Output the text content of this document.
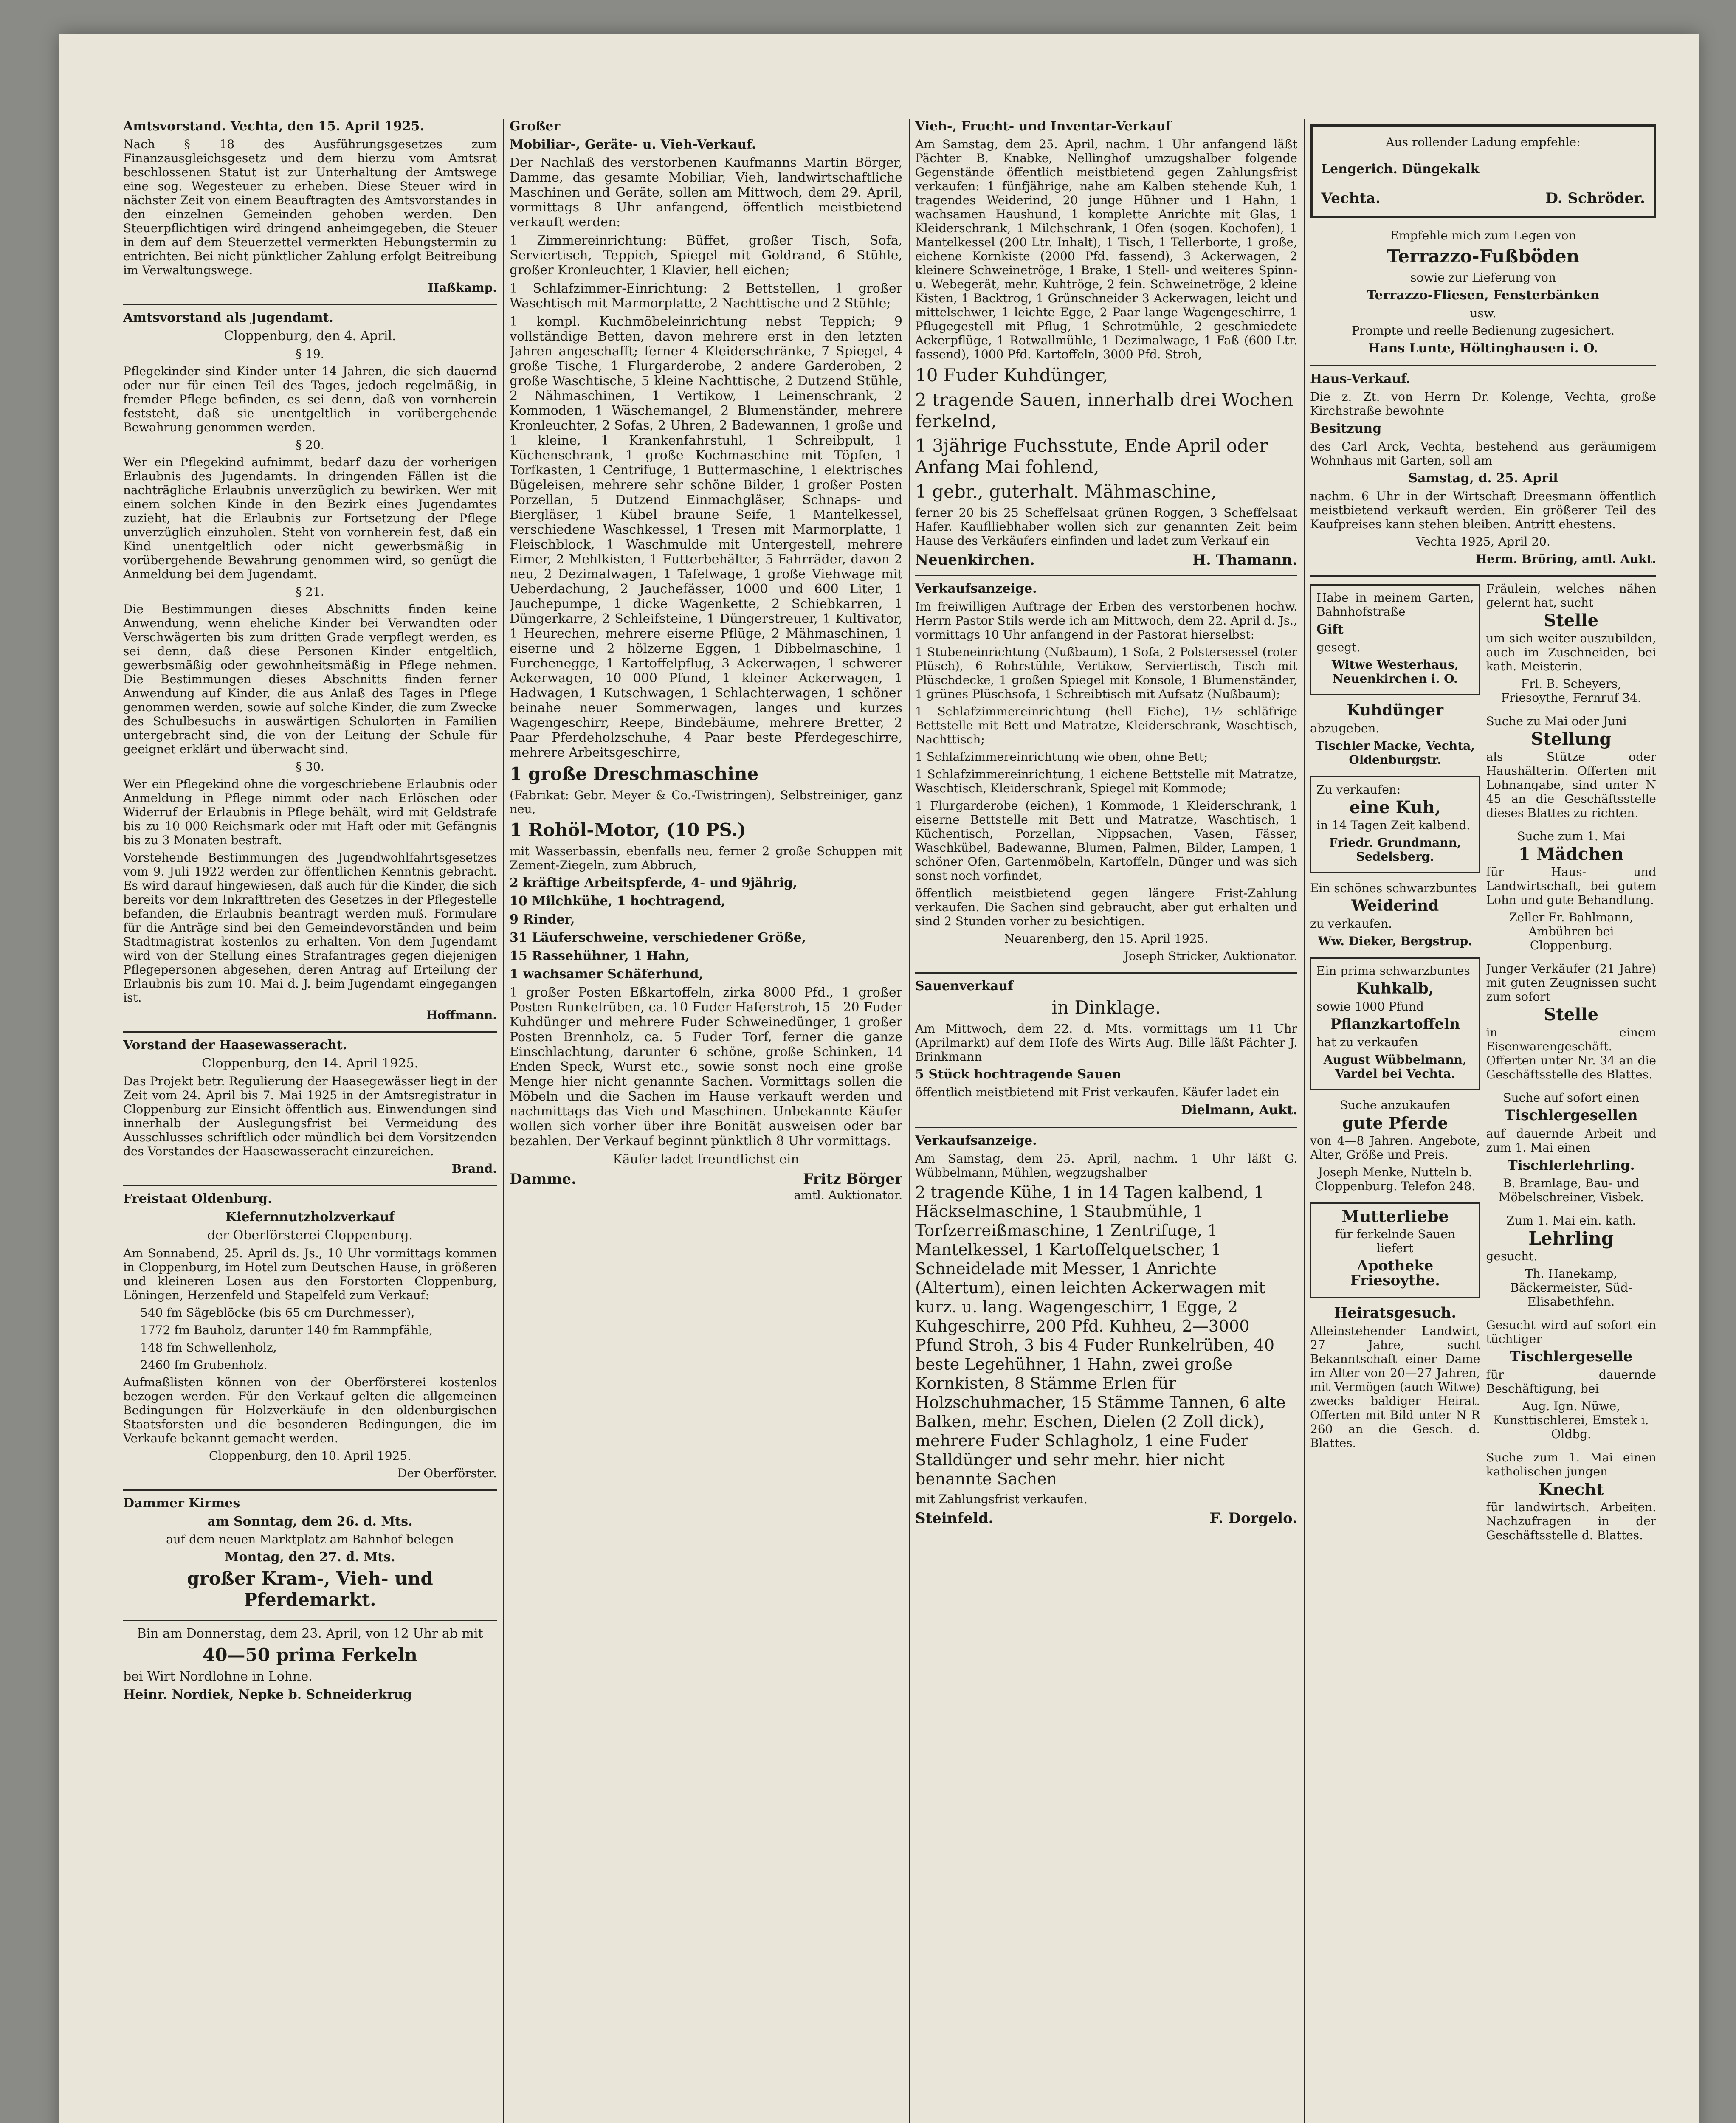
Amtsvorstand. Vechta, den 15. April 1925.

Nach § 18 des Ausführungsgesetzes zum Finanzausgleichsgesetz und dem hierzu vom Amtsrat beschlossenen Statut ist zur Unterhaltung der Amtswege eine sog. Wegesteuer zu erheben. Diese Steuer wird in nächster Zeit von einem Beauftragten des Amtsvorstandes in den einzelnen Gemeinden gehoben werden. Den Steuerpflichtigen wird dringend anheimgegeben, die Steuer in dem auf dem Steuerzettel vermerkten Hebungstermin zu entrichten. Bei nicht pünktlicher Zahlung erfolgt Beitreibung im Verwaltungswege.

Haßkamp.

Amtsvorstand als Jugendamt.

Cloppenburg, den 4. April.

§ 19.

Pflegekinder sind Kinder unter 14 Jahren, die sich dauernd oder nur für einen Teil des Tages, jedoch regelmäßig, in fremder Pflege befinden, es sei denn, daß von vornherein feststeht, daß sie unentgeltlich in vorübergehende Bewahrung genommen werden.

§ 20.

Wer ein Pflegekind aufnimmt, bedarf dazu der vorherigen Erlaubnis des Jugendamts. In dringenden Fällen ist die nachträgliche Erlaubnis unverzüglich zu bewirken. Wer mit einem solchen Kinde in den Bezirk eines Jugendamtes zuzieht, hat die Erlaubnis zur Fortsetzung der Pflege unverzüglich einzuholen. Steht von vornherein fest, daß ein Kind unentgeltlich oder nicht gewerbsmäßig in vorübergehende Bewahrung genommen wird, so genügt die Anmeldung bei dem Jugendamt.

§ 21.

Die Bestimmungen dieses Abschnitts finden keine Anwendung, wenn eheliche Kinder bei Verwandten oder Verschwägerten bis zum dritten Grade verpflegt werden, es sei denn, daß diese Personen Kinder entgeltlich, gewerbsmäßig oder gewohnheitsmäßig in Pflege nehmen. Die Bestimmungen dieses Abschnitts finden ferner Anwendung auf Kinder, die aus Anlaß des Tages in Pflege genommen werden, sowie auf solche Kinder, die zum Zwecke des Schulbesuchs in auswärtigen Schulorten in Familien untergebracht sind, die von der Leitung der Schule für geeignet erklärt und überwacht sind.

§ 30.

Wer ein Pflegekind ohne die vorgeschriebene Erlaubnis oder Anmeldung in Pflege nimmt oder nach Erlöschen oder Widerruf der Erlaubnis in Pflege behält, wird mit Geldstrafe bis zu 10 000 Reichsmark oder mit Haft oder mit Gefängnis bis zu 3 Monaten bestraft.

Vorstehende Bestimmungen des Jugendwohlfahrtsgesetzes vom 9. Juli 1922 werden zur öffentlichen Kenntnis gebracht. Es wird darauf hingewiesen, daß auch für die Kinder, die sich bereits vor dem Inkrafttreten des Gesetzes in der Pflegestelle befanden, die Erlaubnis beantragt werden muß. Formulare für die Anträge sind bei den Gemeindevorständen und beim Stadtmagistrat kostenlos zu erhalten. Von dem Jugendamt wird von der Stellung eines Strafantrages gegen diejenigen Pflegepersonen abgesehen, deren Antrag auf Erteilung der Erlaubnis bis zum 10. Mai d. J. beim Jugendamt eingegangen ist.

Hoffmann.

Vorstand der Haasewasseracht.

Cloppenburg, den 14. April 1925.

Das Projekt betr. Regulierung der Haasegewässer liegt in der Zeit vom 24. April bis 7. Mai 1925 in der Amtsregistratur in Cloppenburg zur Einsicht öffentlich aus. Einwendungen sind innerhalb der Auslegungsfrist bei Vermeidung des Ausschlusses schriftlich oder mündlich bei dem Vorsitzenden des Vorstandes der Haasewasseracht einzureichen.

Brand.

Freistaat Oldenburg.

Kiefernnutzholzverkauf

der Oberförsterei Cloppenburg.

Am Sonnabend, 25. April ds. Js., 10 Uhr vormittags kommen in Cloppenburg, im Hotel zum Deutschen Hause, in größeren und kleineren Losen aus den Forstorten Cloppenburg, Löningen, Herzenfeld und Stapelfeld zum Verkauf:

540 fm Sägeblöcke (bis 65 cm Durchmesser),

1772 fm Bauholz, darunter 140 fm Rammpfähle,

148 fm Schwellenholz,

2460 fm Grubenholz.

Aufmaßlisten können von der Oberförsterei kostenlos bezogen werden. Für den Verkauf gelten die allgemeinen Bedingungen für Holzverkäufe in den oldenburgischen Staatsforsten und die besonderen Bedingungen, die im Verkaufe bekannt gemacht werden.

Cloppenburg, den 10. April 1925.

Der Oberförster.

Dammer Kirmes

am Sonntag, dem 26. d. Mts.

auf dem neuen Marktplatz am Bahnhof belegen

Montag, den 27. d. Mts.

großer Kram-, Vieh- und Pferdemarkt.

Bin am Donnerstag, dem 23. April, von 12 Uhr ab mit

40—50 prima Ferkeln

bei Wirt Nordlohne in Lohne.

Heinr. Nordiek, Nepke b. Schneiderkrug

Großer

Mobiliar-, Geräte- u. Vieh-Verkauf.

Der Nachlaß des verstorbenen Kaufmanns Martin Börger, Damme, das gesamte Mobiliar, Vieh, landwirtschaftliche Maschinen und Geräte, sollen am Mittwoch, dem 29. April, vormittags 8 Uhr anfangend, öffentlich meistbietend verkauft werden:

1 Zimmereinrichtung: Büffet, großer Tisch, Sofa, Serviertisch, Teppich, Spiegel mit Goldrand, 6 Stühle, großer Kronleuchter, 1 Klavier, hell eichen;

1 Schlafzimmer-Einrichtung: 2 Bettstellen, 1 großer Waschtisch mit Marmorplatte, 2 Nachttische und 2 Stühle;

1 kompl. Kuchmöbeleinrichtung nebst Teppich; 9 vollständige Betten, davon mehrere erst in den letzten Jahren angeschafft; ferner 4 Kleiderschränke, 7 Spiegel, 4 große Tische, 1 Flurgarderobe, 2 andere Garderoben, 2 große Waschtische, 5 kleine Nachttische, 2 Dutzend Stühle, 2 Nähmaschinen, 1 Vertikow, 1 Leinenschrank, 2 Kommoden, 1 Wäschemangel, 2 Blumenständer, mehrere Kronleuchter, 2 Sofas, 2 Uhren, 2 Badewannen, 1 große und 1 kleine, 1 Krankenfahrstuhl, 1 Schreibpult, 1 Küchenschrank, 1 große Kochmaschine mit Töpfen, 1 Torfkasten, 1 Centrifuge, 1 Buttermaschine, 1 elektrisches Bügeleisen, mehrere sehr schöne Bilder, 1 großer Posten Porzellan, 5 Dutzend Einmachgläser, Schnaps- und Biergläser, 1 Kübel braune Seife, 1 Mantelkessel, verschiedene Waschkessel, 1 Tresen mit Marmorplatte, 1 Fleischblock, 1 Waschmulde mit Untergestell, mehrere Eimer, 2 Mehlkisten, 1 Futterbehälter, 5 Fahrräder, davon 2 neu, 2 Dezimalwagen, 1 Tafelwage, 1 große Viehwage mit Ueberdachung, 2 Jauchefässer, 1000 und 600 Liter, 1 Jauchepumpe, 1 dicke Wagenkette, 2 Schiebkarren, 1 Düngerkarre, 2 Schleifsteine, 1 Düngerstreuer, 1 Kultivator, 1 Heurechen, mehrere eiserne Pflüge, 2 Mähmaschinen, 1 eiserne und 2 hölzerne Eggen, 1 Dibbelmaschine, 1 Furchenegge, 1 Kartoffelpflug, 3 Ackerwagen, 1 schwerer Ackerwagen, 10 000 Pfund, 1 kleiner Ackerwagen, 1 Hadwagen, 1 Kutschwagen, 1 Schlachterwagen, 1 schöner beinahe neuer Sommerwagen, langes und kurzes Wagengeschirr, Reepe, Bindebäume, mehrere Bretter, 2 Paar Pferdeholzschuhe, 4 Paar beste Pferdegeschirre, mehrere Arbeitsgeschirre,

1 große Dreschmaschine

(Fabrikat: Gebr. Meyer & Co.-Twistringen), Selbstreiniger, ganz neu,

1 Rohöl-Motor, (10 PS.)

mit Wasserbassin, ebenfalls neu, ferner 2 große Schuppen mit Zement-Ziegeln, zum Abbruch,

2 kräftige Arbeitspferde, 4- und 9jährig,

10 Milchkühe, 1 hochtragend,

9 Rinder,

31 Läuferschweine, verschiedener Größe,

15 Rassehühner, 1 Hahn,

1 wachsamer Schäferhund,

1 großer Posten Eßkartoffeln, zirka 8000 Pfd., 1 großer Posten Runkelrüben, ca. 10 Fuder Haferstroh, 15—20 Fuder Kuhdünger und mehrere Fuder Schweinedünger, 1 großer Posten Brennholz, ca. 5 Fuder Torf, ferner die ganze Einschlachtung, darunter 6 schöne, große Schinken, 14 Enden Speck, Wurst etc., sowie sonst noch eine große Menge hier nicht genannte Sachen. Vormittags sollen die Möbeln und die Sachen im Hause verkauft werden und nachmittags das Vieh und Maschinen. Unbekannte Käufer wollen sich vorher über ihre Bonität ausweisen oder bar bezahlen. Der Verkauf beginnt pünktlich 8 Uhr vormittags.

Käufer ladet freundlichst ein

Damme.	Fritz Börger

amtl. Auktionator.

Vieh-, Frucht- und Inventar-Verkauf

Am Samstag, dem 25. April, nachm. 1 Uhr anfangend läßt Pächter B. Knabke, Nellinghof umzugshalber folgende Gegenstände öffentlich meistbietend gegen Zahlungsfrist verkaufen: 1 fünfjährige, nahe am Kalben stehende Kuh, 1 tragendes Weiderind, 20 junge Hühner und 1 Hahn, 1 wachsamen Haushund, 1 komplette Anrichte mit Glas, 1 Kleiderschrank, 1 Milchschrank, 1 Ofen (sogen. Kochofen), 1 Mantelkessel (200 Ltr. Inhalt), 1 Tisch, 1 Tellerborte, 1 große, eichene Kornkiste (2000 Pfd. fassend), 3 Ackerwagen, 2 kleinere Schweinetröge, 1 Brake, 1 Stell- und weiteres Spinn- u. Webegerät, mehr. Kuhtröge, 2 fein. Schweinetröge, 2 kleine Kisten, 1 Backtrog, 1 Grünschneider 3 Ackerwagen, leicht und mittelschwer, 1 leichte Egge, 2 Paar lange Wagengeschirre, 1 Pflugegestell mit Pflug, 1 Schrotmühle, 2 geschmiedete Ackerpflüge, 1 Rotwallmühle, 1 Dezimalwage, 1 Faß (600 Ltr. fassend), 1000 Pfd. Kartoffeln, 3000 Pfd. Stroh,

10 Fuder Kuhdünger,

2 tragende Sauen, innerhalb drei Wochen ferkelnd,

1 3jährige Fuchsstute, Ende April oder Anfang Mai fohlend,

1 gebr., guterhalt. Mähmaschine,

ferner 20 bis 25 Scheffelsaat grünen Roggen, 3 Scheffelsaat Hafer. Kauflliebhaber wollen sich zur genannten Zeit beim Hause des Verkäufers einfinden und ladet zum Verkauf ein

Neuenkirchen.	H. Thamann.

Verkaufsanzeige.

Im freiwilligen Auftrage der Erben des verstorbenen hochw. Herrn Pastor Stils werde ich am Mittwoch, dem 22. April d. Js., vormittags 10 Uhr anfangend in der Pastorat hierselbst:

1 Stubeneinrichtung (Nußbaum), 1 Sofa, 2 Polstersessel (roter Plüsch), 6 Rohrstühle, Vertikow, Serviertisch, Tisch mit Plüschdecke, 1 großen Spiegel mit Konsole, 1 Blumenständer, 1 grünes Plüschsofa, 1 Schreibtisch mit Aufsatz (Nußbaum);

1 Schlafzimmereinrichtung (hell Eiche), 1½ schläfrige Bettstelle mit Bett und Matratze, Kleiderschrank, Waschtisch, Nachttisch;

1 Schlafzimmereinrichtung wie oben, ohne Bett;

1 Schlafzimmereinrichtung, 1 eichene Bettstelle mit Matratze, Waschtisch, Kleiderschrank, Spiegel mit Kommode;

1 Flurgarderobe (eichen), 1 Kommode, 1 Kleiderschrank, 1 eiserne Bettstelle mit Bett und Matratze, Waschtisch, 1 Küchentisch, Porzellan, Nippsachen, Vasen, Fässer, Waschkübel, Badewanne, Blumen, Palmen, Bilder, Lampen, 1 schöner Ofen, Gartenmöbeln, Kartoffeln, Dünger und was sich sonst noch vorfindet,

öffentlich meistbietend gegen längere Frist-Zahlung verkaufen. Die Sachen sind gebraucht, aber gut erhalten und sind 2 Stunden vorher zu besichtigen.

Neuarenberg, den 15. April 1925.

Joseph Stricker, Auktionator.

Sauenverkauf

in Dinklage.

Am Mittwoch, dem 22. d. Mts. vormittags um 11 Uhr (Aprilmarkt) auf dem Hofe des Wirts Aug. Bille läßt Pächter J. Brinkmann

5 Stück hochtragende Sauen

öffentlich meistbietend mit Frist verkaufen. Käufer ladet ein

Dielmann, Aukt.

Verkaufsanzeige.

Am Samstag, dem 25. April, nachm. 1 Uhr läßt G. Wübbelmann, Mühlen, wegzugshalber

2 tragende Kühe, 1 in 14 Tagen kalbend, 1 Häckselmaschine, 1 Staubmühle, 1 Torfzerreißmaschine, 1 Zentrifuge, 1 Mantelkessel, 1 Kartoffelquetscher, 1 Schneidelade mit Messer, 1 Anrichte (Altertum), einen leichten Ackerwagen mit kurz. u. lang. Wagengeschirr, 1 Egge, 2 Kuhgeschirre, 200 Pfd. Kuhheu, 2—3000 Pfund Stroh, 3 bis 4 Fuder Runkelrüben, 40 beste Legehühner, 1 Hahn, zwei große Kornkisten, 8 Stämme Erlen für Holzschuhmacher, 15 Stämme Tannen, 6 alte Balken, mehr. Eschen, Dielen (2 Zoll dick), mehrere Fuder Schlagholz, 1 eine Fuder Stalldünger und sehr mehr. hier nicht benannte Sachen

mit Zahlungsfrist verkaufen.

Steinfeld.	F. Dorgelo.

Aus rollender Ladung empfehle:

Lengerich. Düngekalk

Vechta.	D. Schröder.

Empfehle mich zum Legen von

Terrazzo-Fußböden

sowie zur Lieferung von

Terrazzo-Fliesen, Fensterbänken

usw.

Prompte und reelle Bedienung zugesichert.

Hans Lunte, Höltinghausen i. O.

Haus-Verkauf.

Die z. Zt. von Herrn Dr. Kolenge, Vechta, große Kirchstraße bewohnte

Besitzung

des Carl Arck, Vechta, bestehend aus geräumigem Wohnhaus mit Garten, soll am

Samstag, d. 25. April

nachm. 6 Uhr in der Wirtschaft Dreesmann öffentlich meistbietend verkauft werden. Ein größerer Teil des Kaufpreises kann stehen bleiben. Antritt ehestens.

Vechta 1925, April 20.

Herm. Bröring, amtl. Aukt.

Habe in meinem Garten, Bahnhofstraße

Gift

gesegt.

Witwe Westerhaus, Neuenkirchen i. O.

Kuhdünger

abzugeben.

Tischler Macke, Vechta, Oldenburgstr.

Zu verkaufen:

eine Kuh,

in 14 Tagen Zeit kalbend.

Friedr. Grundmann, Sedelsberg.

Ein schönes schwarzbuntes

Weiderind

zu verkaufen.

Ww. Dieker, Bergstrup.

Ein prima schwarzbuntes

Kuhkalb,

sowie 1000 Pfund

Pflanzkartoffeln

hat zu verkaufen

August Wübbelmann, Vardel bei Vechta.

Suche anzukaufen

gute Pferde

von 4—8 Jahren. Angebote, Alter, Größe und Preis.

Joseph Menke, Nutteln b. Cloppenburg. Telefon 248.

Mutterliebe

für ferkelnde Sauen liefert

Apotheke Friesoythe.

Heiratsgesuch.

Alleinstehender Landwirt, 27 Jahre, sucht Bekanntschaft einer Dame im Alter von 20—27 Jahren, mit Vermögen (auch Witwe) zwecks baldiger Heirat. Offerten mit Bild unter N R 260 an die Gesch. d. Blattes.

Fräulein, welches nähen gelernt hat, sucht

Stelle

um sich weiter auszubilden, auch im Zuschneiden, bei kath. Meisterin.

Frl. B. Scheyers, Friesoythe, Fernruf 34.

Suche zu Mai oder Juni

Stellung

als Stütze oder Haushälterin. Offerten mit Lohnangabe, sind unter N 45 an die Geschäftsstelle dieses Blattes zu richten.

Suche zum 1. Mai

1 Mädchen

für Haus- und Landwirtschaft, bei gutem Lohn und gute Behandlung.

Zeller Fr. Bahlmann, Ambühren bei Cloppenburg.

Junger Verkäufer (21 Jahre) mit guten Zeugnissen sucht zum sofort

Stelle

in einem Eisenwarengeschäft. Offerten unter Nr. 34 an die Geschäftsstelle des Blattes.

Suche auf sofort einen

Tischlergesellen

auf dauernde Arbeit und zum 1. Mai einen

Tischlerlehrling.

B. Bramlage, Bau- und Möbelschreiner, Visbek.

Zum 1. Mai ein. kath.

Lehrling

gesucht.

Th. Hanekamp, Bäckermeister, Süd-Elisabethfehn.

Gesucht wird auf sofort ein tüchtiger

Tischlergeselle

für dauernde Beschäftigung, bei

Aug. Ign. Nüwe, Kunsttischlerei, Emstek i. Oldbg.

Suche zum 1. Mai einen katholischen jungen

Knecht

für landwirtsch. Arbeiten. Nachzufragen in der Geschäftsstelle d. Blattes.
